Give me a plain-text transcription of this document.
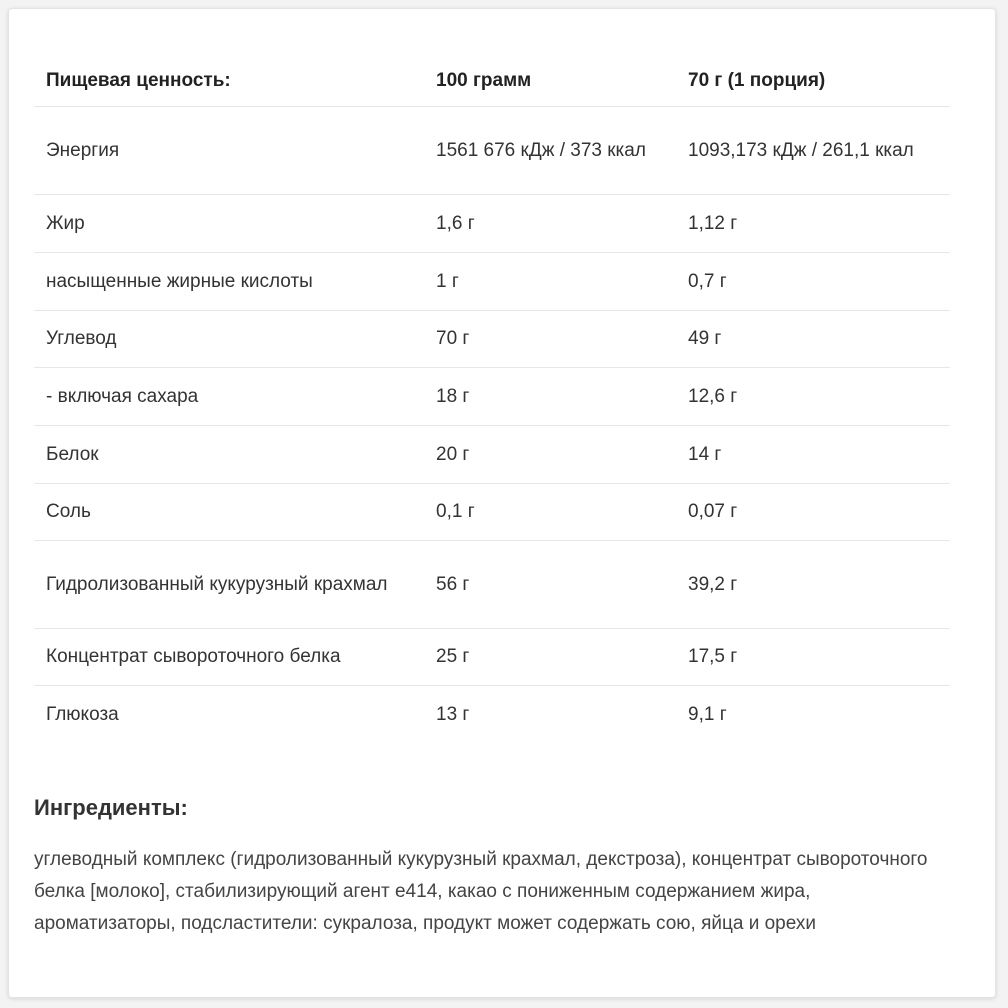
Пищевая ценность:	100 грамм	70 г (1 порция)
Энергия	1561 676 кДж / 373 ккал	1093,173 кДж / 261,1 ккал
Жир	1,6 г	1,12 г
насыщенные жирные кислоты	1 г	0,7 г
Углевод	70 г	49 г
- включая сахара	18 г	12,6 г
Белок	20 г	14 г
Соль	0,1 г	0,07 г
Гидролизованный кукурузный крахмал	56 г	39,2 г
Концентрат сывороточного белка	25 г	17,5 г
Глюкоза	13 г	9,1 г
Ингредиенты:

углеводный комплекс (гидролизованный кукурузный крахмал, декстроза), концентрат сывороточного белка [молоко], стабилизирующий агент е414, какао с пониженным содержанием жира, ароматизаторы, подсластители: сукралоза, продукт может содержать сою, яйца и орехи
